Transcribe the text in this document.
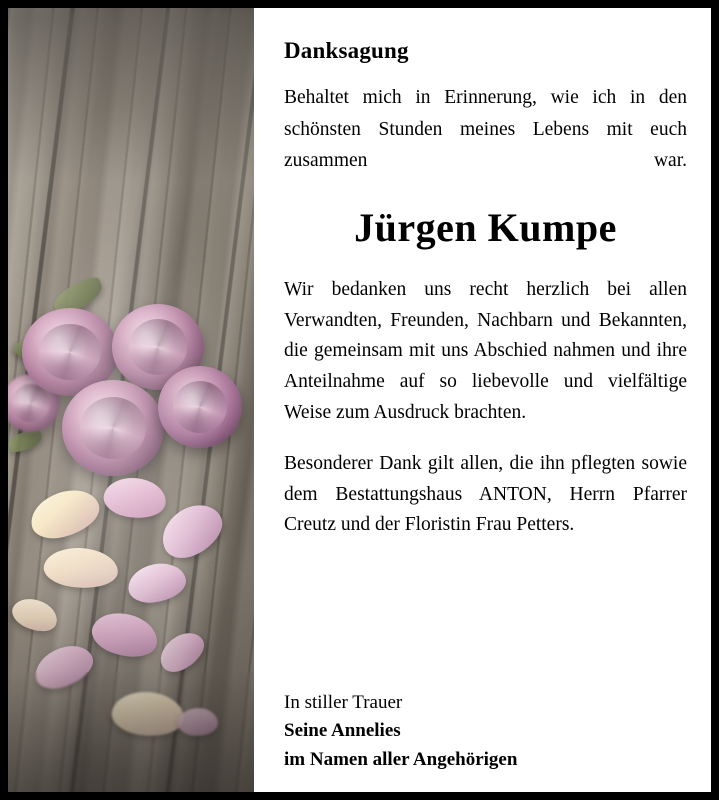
Danksagung

Behaltet mich in Erinnerung, wie ich in den schönsten Stunden meines Lebens mit euch zusammen war.

Jürgen Kumpe

Wir bedanken uns recht herzlich bei allen Verwandten, Freunden, Nachbarn und Bekannten, die gemeinsam mit uns Abschied nahmen und ihre Anteilnahme auf so liebevolle und vielfältige Weise zum Ausdruck brachten.

Besonderer Dank gilt allen, die ihn pflegten sowie dem Bestattungshaus ANTON, Herrn Pfarrer Creutz und der Floristin Frau Petters.

In stiller Trauer
Seine Annelies
im Namen aller Angehörigen
